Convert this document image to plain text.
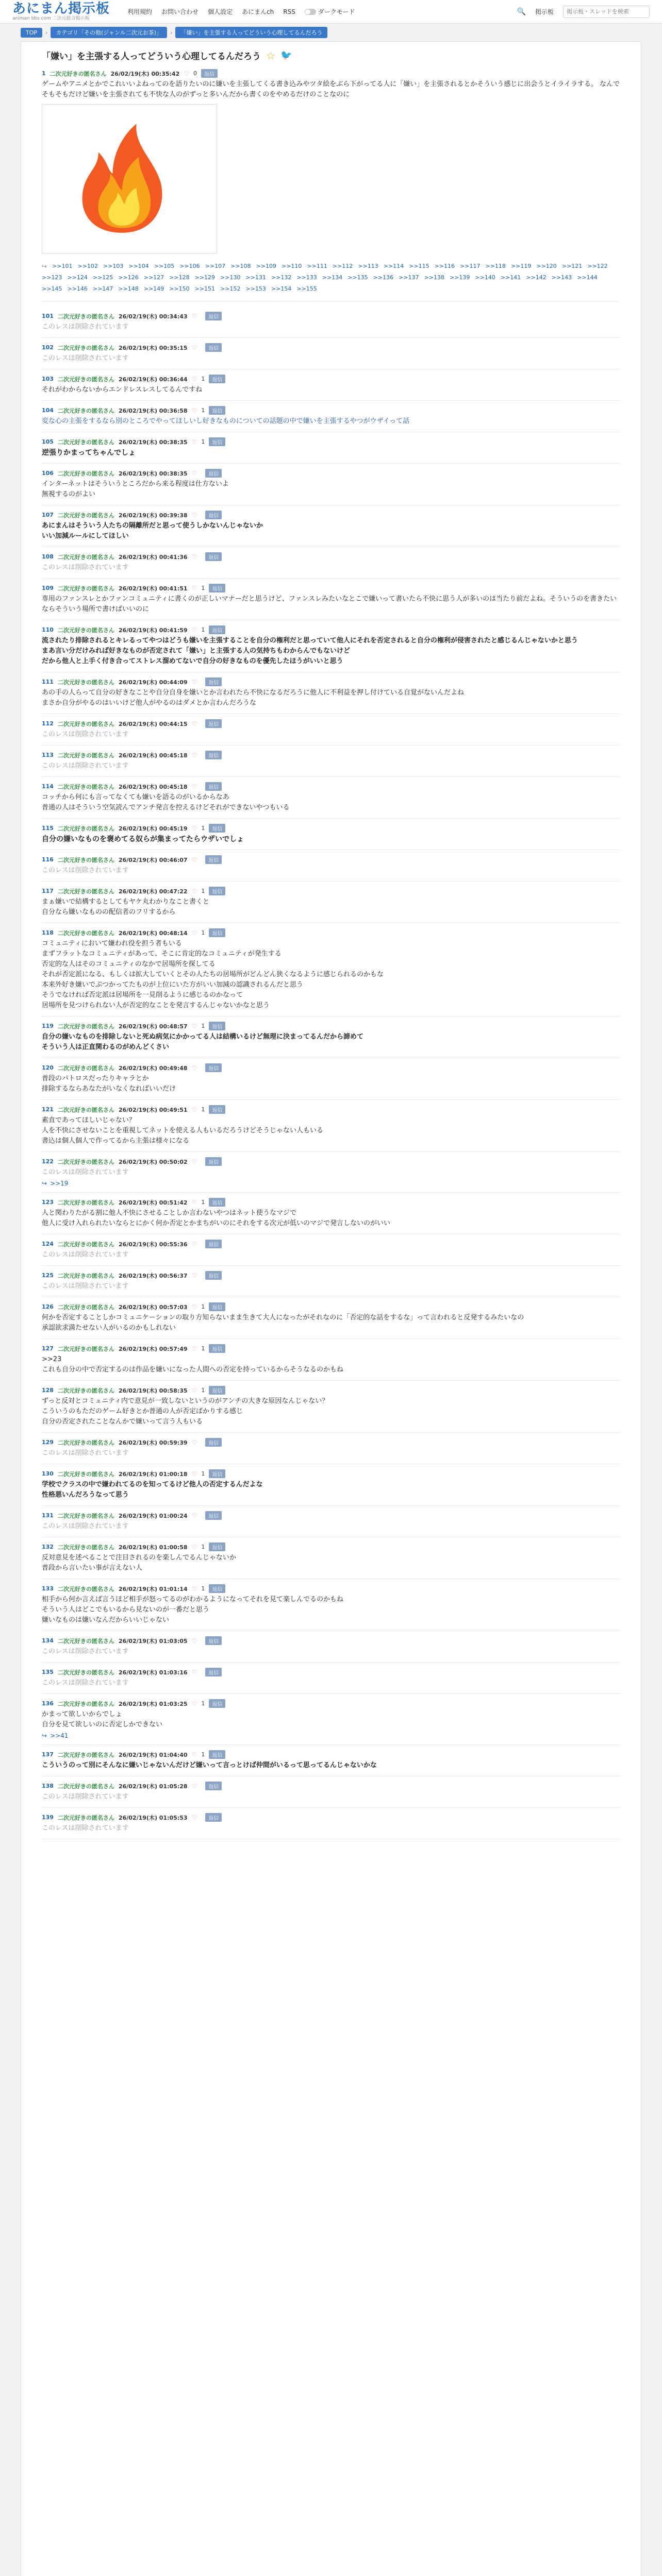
あにまん掲示板
animan bbs.com 二次元総合掲示板
利用規約 お問い合わせ 個人設定 あにまんch RSS	ダークモード	🔍 掲示板
掲示板・スレッドを検索
TOP	›	カテゴリ「その他(ジャンル二次元お茶)」	›	「嫌い」を主張する人ってどういう心理してるんだろう
「嫌い」を主張する人ってどういう心理してるんだろう ☆ 🐦
1 二次元好きの匿名さん 26/02/19(木) 00:35:42 ♡ 0	返信
ゲームやアニメとかでこれいいよねってのを語りたいのに嫌いを主張してくる書き込みやツタ絵をぶら下がってる人に「嫌い」を主張されるとかそういう感じに出会うとイライラする。 なんでそもそもだけど嫌いを主張されても不快な人のがずっと多いんだから書くのをやめるだけのことなのに
↪ >>101 >>102 >>103 >>104 >>105 >>106 >>107 >>108 >>109 >>110 >>111 >>112 >>113 >>114 >>115 >>116 >>117 >>118 >>119 >>120 >>121 >>122
>>123 >>124 >>125 >>126 >>127 >>128 >>129 >>130 >>131 >>132 >>133 >>134 >>135 >>136 >>137 >>138 >>139 >>140 >>141 >>142 >>143 >>144
>>145 >>146 >>147 >>148 >>149 >>150 >>151 >>152 >>153 >>154 >>155
101 二次元好きの匿名さん 26/02/19(木) 00:34:43 ♡	返信
このレスは削除されています
102 二次元好きの匿名さん 26/02/19(木) 00:35:15 ♡	返信
このレスは削除されています
103 二次元好きの匿名さん 26/02/19(木) 00:36:44 ♡ 1	返信
それがわからないからエンドレスレスしてるんですね
104 二次元好きの匿名さん 26/02/19(木) 00:36:58 ♡ 1	返信
変な心の主張をするなら別のところでやってほしいし好きなものについての話題の中で嫌いを主張するやつがウザイって話
105 二次元好きの匿名さん 26/02/19(木) 00:38:35 ♡ 1	返信
逆張りかまってちゃんでしょ
106 二次元好きの匿名さん 26/02/19(木) 00:38:35 ♡	返信
インターネットはそういうところだから来る程度は仕方ないよ
無視するのがよい
107 二次元好きの匿名さん 26/02/19(木) 00:39:38 ♡	返信
あにまんはそういう人たちの隔離所だと思って使うしかないんじゃないか
いい加減ルールにしてほしい
108 二次元好きの匿名さん 26/02/19(木) 00:41:36 ♡	返信
このレスは削除されています
109 二次元好きの匿名さん 26/02/19(木) 00:41:51 ♡ 1	返信
専用のファンスレとかファンコミュニティに書くのが正しいマナーだと思うけど、ファンスレみたいなとこで嫌いって書いたら不快に思う人が多いのは当たり前だよね。そういうのを書きたいならそういう場所で書けばいいのに
110 二次元好きの匿名さん 26/02/19(木) 00:41:59 ♡ 1	返信
流されたり排除されるとキレるってやつはどうも嫌いを主張することを自分の権利だと思っていて他人にそれを否定されると自分の権利が侵害されたと感じるんじゃないかと思う
まあ言い分だけみれば好きなものが否定されて「嫌い」と主張する人の気持ちもわからんでもないけど
だから他人と上手く付き合ってストレス溜めてないで自分の好きなものを優先したほうがいいと思う
111 二次元好きの匿名さん 26/02/19(木) 00:44:09 ♡	返信
あの手の人らって自分の好きなことや自分自身を嫌いとか言われたら不快になるだろうに他人に不利益を押し付けている自覚がないんだよね
まさか自分がやるのはいいけど他人がやるのはダメとか言わんだろうな
112 二次元好きの匿名さん 26/02/19(木) 00:44:15 ♡	返信
このレスは削除されています
113 二次元好きの匿名さん 26/02/19(木) 00:45:18 ♡	返信
このレスは削除されています
114 二次元好きの匿名さん 26/02/19(木) 00:45:18 ♡	返信
コッチから何にも言ってなくても嫌いを語るのがいるからなあ
普通の人はそういう空気読んでアンチ発言を控えるけどそれができないやつもいる
115 二次元好きの匿名さん 26/02/19(木) 00:45:19 ♡ 1	返信
自分の嫌いなものを褒めてる奴らが集まってたらウザいでしょ
116 二次元好きの匿名さん 26/02/19(木) 00:46:07 ♡	返信
このレスは削除されています
117 二次元好きの匿名さん 26/02/19(木) 00:47:22 ♡ 1	返信
まぁ嫌いで結構するとしてもヤケ丸わかりなこと書くと
自分なら嫌いなものの配信者のフリするから
118 二次元好きの匿名さん 26/02/19(木) 00:48:14 ♡ 1	返信
コミュニティにおいて嫌われ役を担う者もいる
まずフラットなコミュニティがあって、そこに肯定的なコミュニティが発生する
否定的な人はそのコミュニティのなかで居場所を探してる
それが否定派になる、もしくは拡大していくとその人たちの居場所がどんどん狭くなるように感じられるのかもな
本来外好き嫌いでぶつかってたものが上位にいた方がいい加減の認識されるんだと思う
そうでなければ否定派は居場所を一見削るように感じるのかなって
居場所を見つけられない人が否定的なことを発言するんじゃないかなと思う
119 二次元好きの匿名さん 26/02/19(木) 00:48:57 ♡ 1	返信
自分の嫌いなものを排除しないと死ぬ病気にかかってる人は結構いるけど無理に決まってるんだから諦めて
そういう人は正直関わるのがめんどくさい
120 二次元好きの匿名さん 26/02/19(木) 00:49:48 ♡	返信
普段のパトロスだったりキャラとか
排除するならあなたがいなくなればいいだけ
121 二次元好きの匿名さん 26/02/19(木) 00:49:51 ♡ 1	返信
素直であってほしいじゃない？
人を不快にさせないことを重視してネットを使える人もいるだろうけどそうじゃない人もいる
書込は個人個人で作ってるから主張は様々になる
122 二次元好きの匿名さん 26/02/19(木) 00:50:02 ♡	返信
このレスは削除されています
↪ >>19
123 二次元好きの匿名さん 26/02/19(木) 00:51:42 ♡ 1	返信
人と関わりたがる割に他人不快にさせることしか言わないやつはネット使うなマジで
他人に受け入れられたいならとにかく何か否定とかまちがいのにそれをする次元が低いのマジで発言しないのがいい
124 二次元好きの匿名さん 26/02/19(木) 00:55:36 ♡	返信
このレスは削除されています
125 二次元好きの匿名さん 26/02/19(木) 00:56:37 ♡	返信
このレスは削除されています
126 二次元好きの匿名さん 26/02/19(木) 00:57:03 ♡ 1	返信
何かを否定することしかコミュニケーションの取り方知らないまま生きて大人になったがそれなのに「否定的な話をするな」って言われると反発するみたいなの
承認欲求満たせない人がいるのかもしれない
127 二次元好きの匿名さん 26/02/19(木) 00:57:49 ♡ 1	返信
>>23
これも自分の中で否定するのは作品を嫌いになった人間への否定を持っているからそうなるのかもね
128 二次元好きの匿名さん 26/02/19(木) 00:58:35 ♡ 1	返信
ずっと反対とコミュニティ内で意見が一致しないというのがアンチの大きな原因なんじゃない？
こういうのもただのゲーム好きとか普通の人が否定ばかりする感じ
自分の否定されたことなんかで嫌いって言う人もいる
129 二次元好きの匿名さん 26/02/19(木) 00:59:39 ♡	返信
このレスは削除されています
130 二次元好きの匿名さん 26/02/19(木) 01:00:18 ♡ 1	返信
学校でクラスの中で嫌われてるのを知ってるけど他人の否定するんだよな
性格悪いんだろうなって思う
131 二次元好きの匿名さん 26/02/19(木) 01:00:24 ♡	返信
このレスは削除されています
132 二次元好きの匿名さん 26/02/19(木) 01:00:58 ♡ 1	返信
反対意見を述べることで注目されるのを楽しんでるんじゃないか
普段から言いたい事が言えない人
133 二次元好きの匿名さん 26/02/19(木) 01:01:14 ♡ 1	返信
相手から何か言えば言うほど相手が怒ってるのがわかるようになってそれを見て楽しんでるのかもね
そういう人はどこでもいるから見ないのが一番だと思う
嫌いなものは嫌いなんだからいいじゃない
134 二次元好きの匿名さん 26/02/19(木) 01:03:05 ♡	返信
このレスは削除されています
135 二次元好きの匿名さん 26/02/19(木) 01:03:16 ♡	返信
このレスは削除されています
136 二次元好きの匿名さん 26/02/19(木) 01:03:25 ♡ 1	返信
かまって欲しいからでしょ
自分を見て欲しいのに否定しかできない
↪ >>41
137 二次元好きの匿名さん 26/02/19(木) 01:04:40 ♡ 1	返信
こういうのって別にそんなに嫌いじゃないんだけど嫌いって言っとけば仲間がいるって思ってるんじゃないかな
138 二次元好きの匿名さん 26/02/19(木) 01:05:28 ♡	返信
このレスは削除されています
139 二次元好きの匿名さん 26/02/19(木) 01:05:53 ♡	返信
このレスは削除されています
